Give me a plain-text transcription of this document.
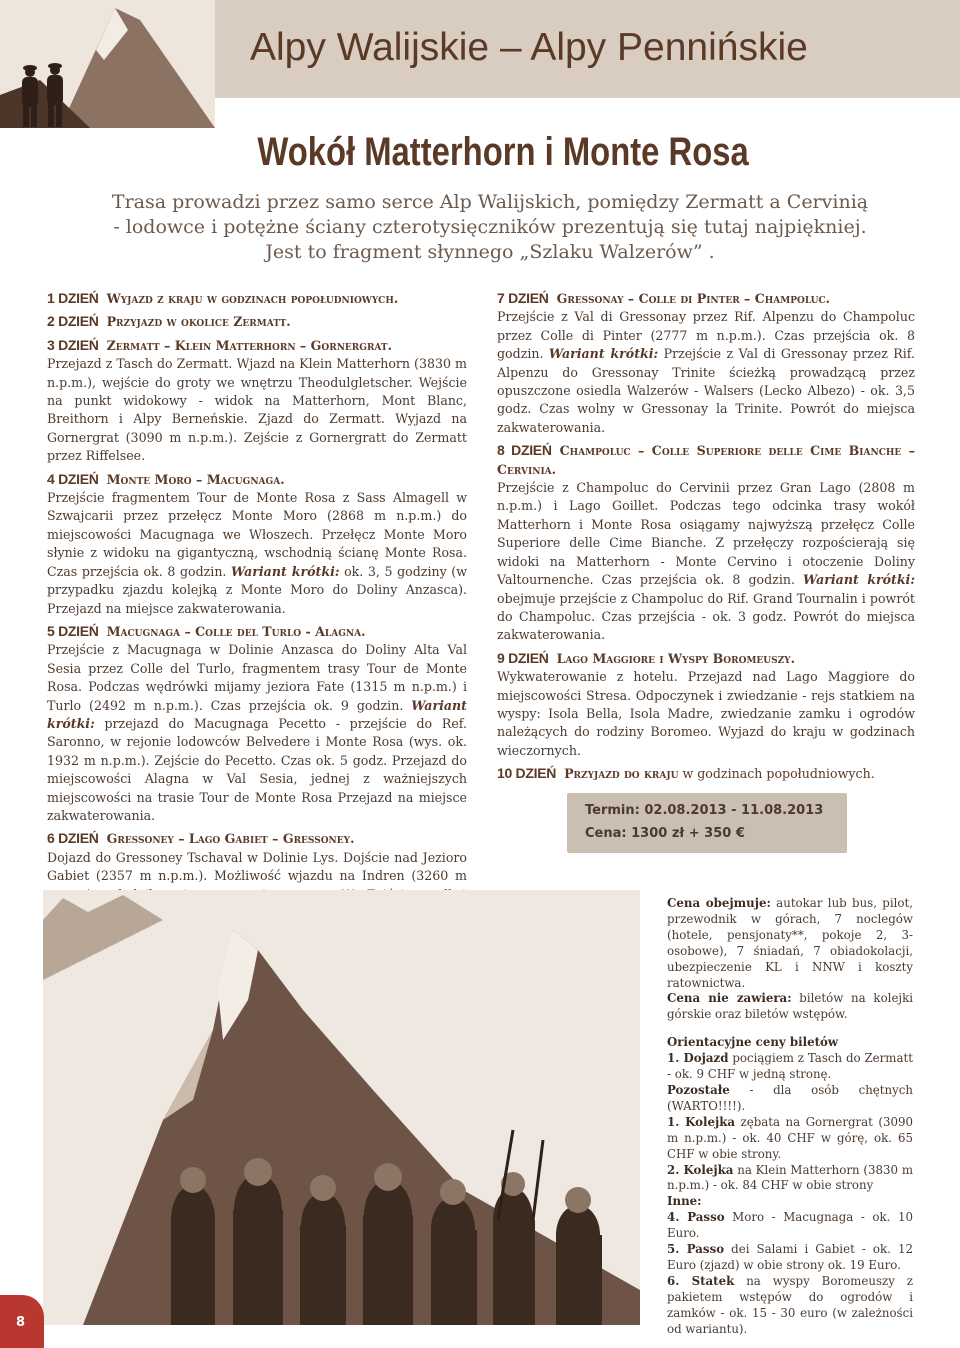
Alpy Walijskie – Alpy Pennińskie
Wokół Matterhorn i Monte Rosa
Trasa prowadzi przez samo serce Alp Walijskich, pomiędzy Zermatt a Cervinią
- lodowce i potężne ściany czterotysięczników prezentują się tutaj najpiękniej.
Jest to fragment słynnego „Szlaku Walzerów” .
1 DZIEŃ Wyjazd z kraju w godzinach popołudniowych.
2 DZIEŃ Przyjazd w okolice Zermatt.
3 DZIEŃ Zermatt – Klein Matterhorn – Gornergrat.
Przejazd z Tasch do Zermatt. Wjazd na Klein Matterhorn (3830 m n.p.m.), wejście do groty we wnętrzu Theodulgletscher. Wejście na punkt widokowy - widok na Matterhorn, Mont Blanc, Breithorn i Alpy Berneńskie. Zjazd do Zermatt. Wyjazd na Gornergrat (3090 m n.p.m.). Zejście z Gornergratt do Zermatt przez Riffelsee.
4 DZIEŃ Monte Moro – Macugnaga.
Przejście fragmentem Tour de Monte Rosa z Sass Almagell w Szwajcarii przez przełęcz Monte Moro (2868 m n.p.m.) do miejscowości Macugnaga we Włoszech. Przełęcz Monte Moro słynie z widoku na gigantyczną, wschodnią ścianę Monte Rosa. Czas przejścia ok. 8 godzin. Wariant krótki: ok. 3, 5 godziny (w przypadku zjazdu kolejką z Monte Moro do Doliny Anzasca). Przejazd na miejsce zakwaterowania.
5 DZIEŃ Macugnaga – Colle del Turlo - Alagna.
Przejście z Macugnaga w Dolinie Anzasca do Doliny Alta Val Sesia przez Colle del Turlo, fragmentem trasy Tour de Monte Rosa. Podczas wędrówki mijamy jeziora Fate (1315 m n.p.m.) i Turlo (2492 m n.p.m.). Czas przejścia ok. 9 godzin. Wariant krótki: przejazd do Macugnaga Pecetto - przejście do Ref. Saronno, w rejonie lodowców Belvedere i Monte Rosa (wys. ok. 1932 m n.p.m.). Zejście do Pecetto. Czas ok. 5 godz. Przejazd do miejscowości Alagna w Val Sesia, jednej z ważniejszych miejscowości na trasie Tour de Monte Rosa Przejazd na miejsce zakwaterowania.
6 DZIEŃ Gressoney – Lago Gabiet – Gressoney.
Dojazd do Gressoney Tschaval w Dolinie Lys. Dojście nad Jezioro Gabiet (2357 m n.p.m.). Możliwość wjazdu na Indren (3260 m
7 DZIEŃ Gressonay – Colle di Pinter – Champoluc.
Przejście z Val di Gressonay przez Rif. Alpenzu do Champoluc przez Colle di Pinter (2777 m n.p.m.). Czas przejścia ok. 8 godzin. Wariant krótki: Przejście z Val di Gressonay przez Rif. Alpenzu do Gressonay Trinite ścieżką prowadzącą przez opuszczone osiedla Walzerów - Walsers (Lecko Albezo) - ok. 3,5 godz. Czas wolny w Gressonay la Trinite. Powrót do miejsca zakwaterowania.
8 DZIEŃ Champoluc – Colle Superiore delle Cime Bianche – Cervinia.
Przejście z Champoluc do Cervinii przez Gran Lago (2808 m n.p.m.) i Lago Goillet. Podczas tego odcinka trasy wokół Matterhorn i Monte Rosa osiągamy najwyższą przełęcz Colle Superiore delle Cime Bianche. Z przełęczy rozpościerają się widoki na Matterhorn - Monte Cervino i otoczenie Doliny Valtournenche. Czas przejścia ok. 8 godzin. Wariant krótki: obejmuje przejście z Champoluc do Rif. Grand Tournalin i powrót do Champoluc. Czas przejścia - ok. 3 godz. Powrót do miejsca zakwaterowania.
9 DZIEŃ Lago Maggiore i Wyspy Boromeuszy.
Wykwaterowanie z hotelu. Przejazd nad Lago Maggiore do miejscowości Stresa. Odpoczynek i zwiedzanie - rejs statkiem na wyspy: Isola Bella, Isola Madre, zwiedzanie zamku i ogrodów należących do rodziny Boromeo. Wyjazd do kraju w godzinach wieczornych.
10 DZIEŃ Przyjazd do kraju w godzinach popołudniowych.
Termin: 02.08.2013 - 11.08.2013
Cena: 1300 zł + 350 €

Cena obejmuje: autokar lub bus, pilot, przewodnik w górach, 7 noclegów (hotele, pensjonaty**, pokoje 2, 3-osobowe), 7 śniadań, 7 obiadokolacji, ubezpieczenie KL i NNW i koszty ratownictwa.

Cena nie zawiera: biletów na kolejki górskie oraz biletów wstępów.

Orientacyjne ceny biletów

1. Dojazd pociągiem z Tasch do Zermatt - ok. 9 CHF w jedną stronę.

Pozostałe - dla osób chętnych (WARTO!!!!).

1. Kolejka zębata na Gornergrat (3090 m n.p.m.) - ok. 40 CHF w górę, ok. 65 CHF w obie strony.

2. Kolejka na Klein Matterhorn (3830 m n.p.m.) - ok. 84 CHF w obie strony

Inne:

4. Passo Moro - Macugnaga - ok. 10 Euro.

5. Passo dei Salami i Gabiet - ok. 12 Euro (zjazd) w obie strony ok. 19 Euro.

6. Statek na wyspy Boromeuszy z pakietem wstępów do ogrodów i zamków - ok. 15 - 30 euro (w zależności od wariantu).

8
